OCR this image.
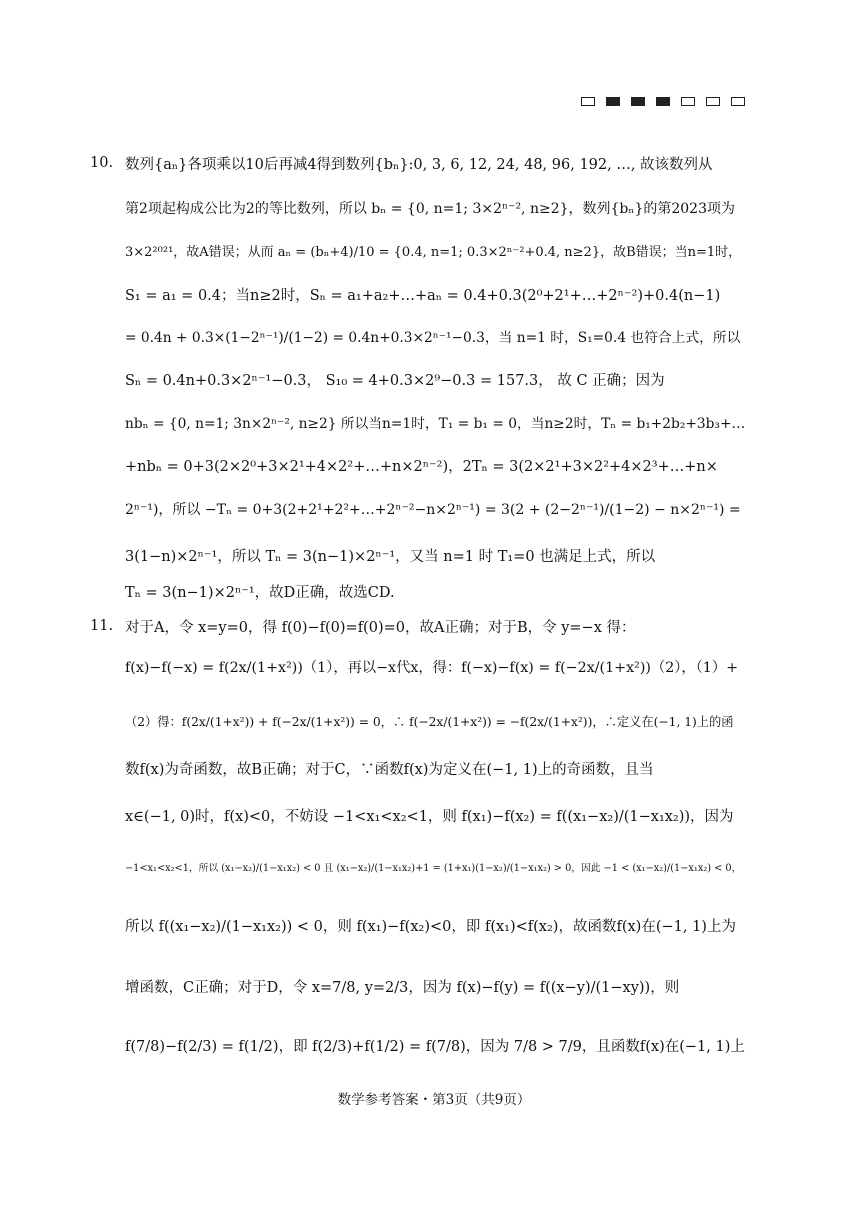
10. 数列{aₙ}各项乘以10后再减4得到数列{bₙ}:0, 3, 6, 12, 24, 48, 96, 192, …, 故该数列从
第2项起构成公比为2的等比数列，所以 bₙ = {0, n=1; 3×2ⁿ⁻², n≥2}，数列{bₙ}的第2023项为
3×2²⁰²¹，故A错误；从而 aₙ = (bₙ+4)/10 = {0.4, n=1; 0.3×2ⁿ⁻²+0.4, n≥2}，故B错误；当n=1时，
S₁ = a₁ = 0.4；当n≥2时，Sₙ = a₁+a₂+…+aₙ = 0.4+0.3(2⁰+2¹+…+2ⁿ⁻²)+0.4(n−1)
= 0.4n + 0.3×(1−2ⁿ⁻¹)/(1−2) = 0.4n+0.3×2ⁿ⁻¹−0.3，当 n=1 时，S₁=0.4 也符合上式，所以
Sₙ = 0.4n+0.3×2ⁿ⁻¹−0.3， S₁₀ = 4+0.3×2⁹−0.3 = 157.3， 故 C 正确；因为
nbₙ = {0, n=1; 3n×2ⁿ⁻², n≥2} 所以当n=1时，T₁ = b₁ = 0，当n≥2时，Tₙ = b₁+2b₂+3b₃+…
+nbₙ = 0+3(2×2⁰+3×2¹+4×2²+…+n×2ⁿ⁻²)，2Tₙ = 3(2×2¹+3×2²+4×2³+…+n×
2ⁿ⁻¹)，所以 −Tₙ = 0+3(2+2¹+2²+…+2ⁿ⁻²−n×2ⁿ⁻¹) = 3(2 + (2−2ⁿ⁻¹)/(1−2) − n×2ⁿ⁻¹) =
3(1−n)×2ⁿ⁻¹，所以 Tₙ = 3(n−1)×2ⁿ⁻¹，又当 n=1 时 T₁=0 也满足上式，所以
Tₙ = 3(n−1)×2ⁿ⁻¹，故D正确，故选CD.
11. 对于A，令 x=y=0，得 f(0)−f(0)=f(0)=0，故A正确；对于B，令 y=−x 得：
f(x)−f(−x) = f(2x/(1+x²))（1），再以−x代x，得：f(−x)−f(x) = f(−2x/(1+x²))（2），（1）+
（2）得：f(2x/(1+x²)) + f(−2x/(1+x²)) = 0，∴ f(−2x/(1+x²)) = −f(2x/(1+x²))，∴定义在(−1, 1)上的函
数f(x)为奇函数，故B正确；对于C，∵函数f(x)为定义在(−1, 1)上的奇函数，且当
x∈(−1, 0)时，f(x)<0，不妨设 −1<x₁<x₂<1，则 f(x₁)−f(x₂) = f((x₁−x₂)/(1−x₁x₂))，因为
−1<x₁<x₂<1，所以 (x₁−x₂)/(1−x₁x₂) < 0 且 (x₁−x₂)/(1−x₁x₂)+1 = (1+x₁)(1−x₂)/(1−x₁x₂) > 0，因此 −1 < (x₁−x₂)/(1−x₁x₂) < 0，
所以 f((x₁−x₂)/(1−x₁x₂)) < 0，则 f(x₁)−f(x₂)<0，即 f(x₁)<f(x₂)，故函数f(x)在(−1, 1)上为
增函数，C正确；对于D，令 x=7/8, y=2/3，因为 f(x)−f(y) = f((x−y)/(1−xy))，则
f(7/8)−f(2/3) = f(1/2)，即 f(2/3)+f(1/2) = f(7/8)，因为 7/8 > 7/9，且函数f(x)在(−1, 1)上
数学参考答案・第3页（共9页）
